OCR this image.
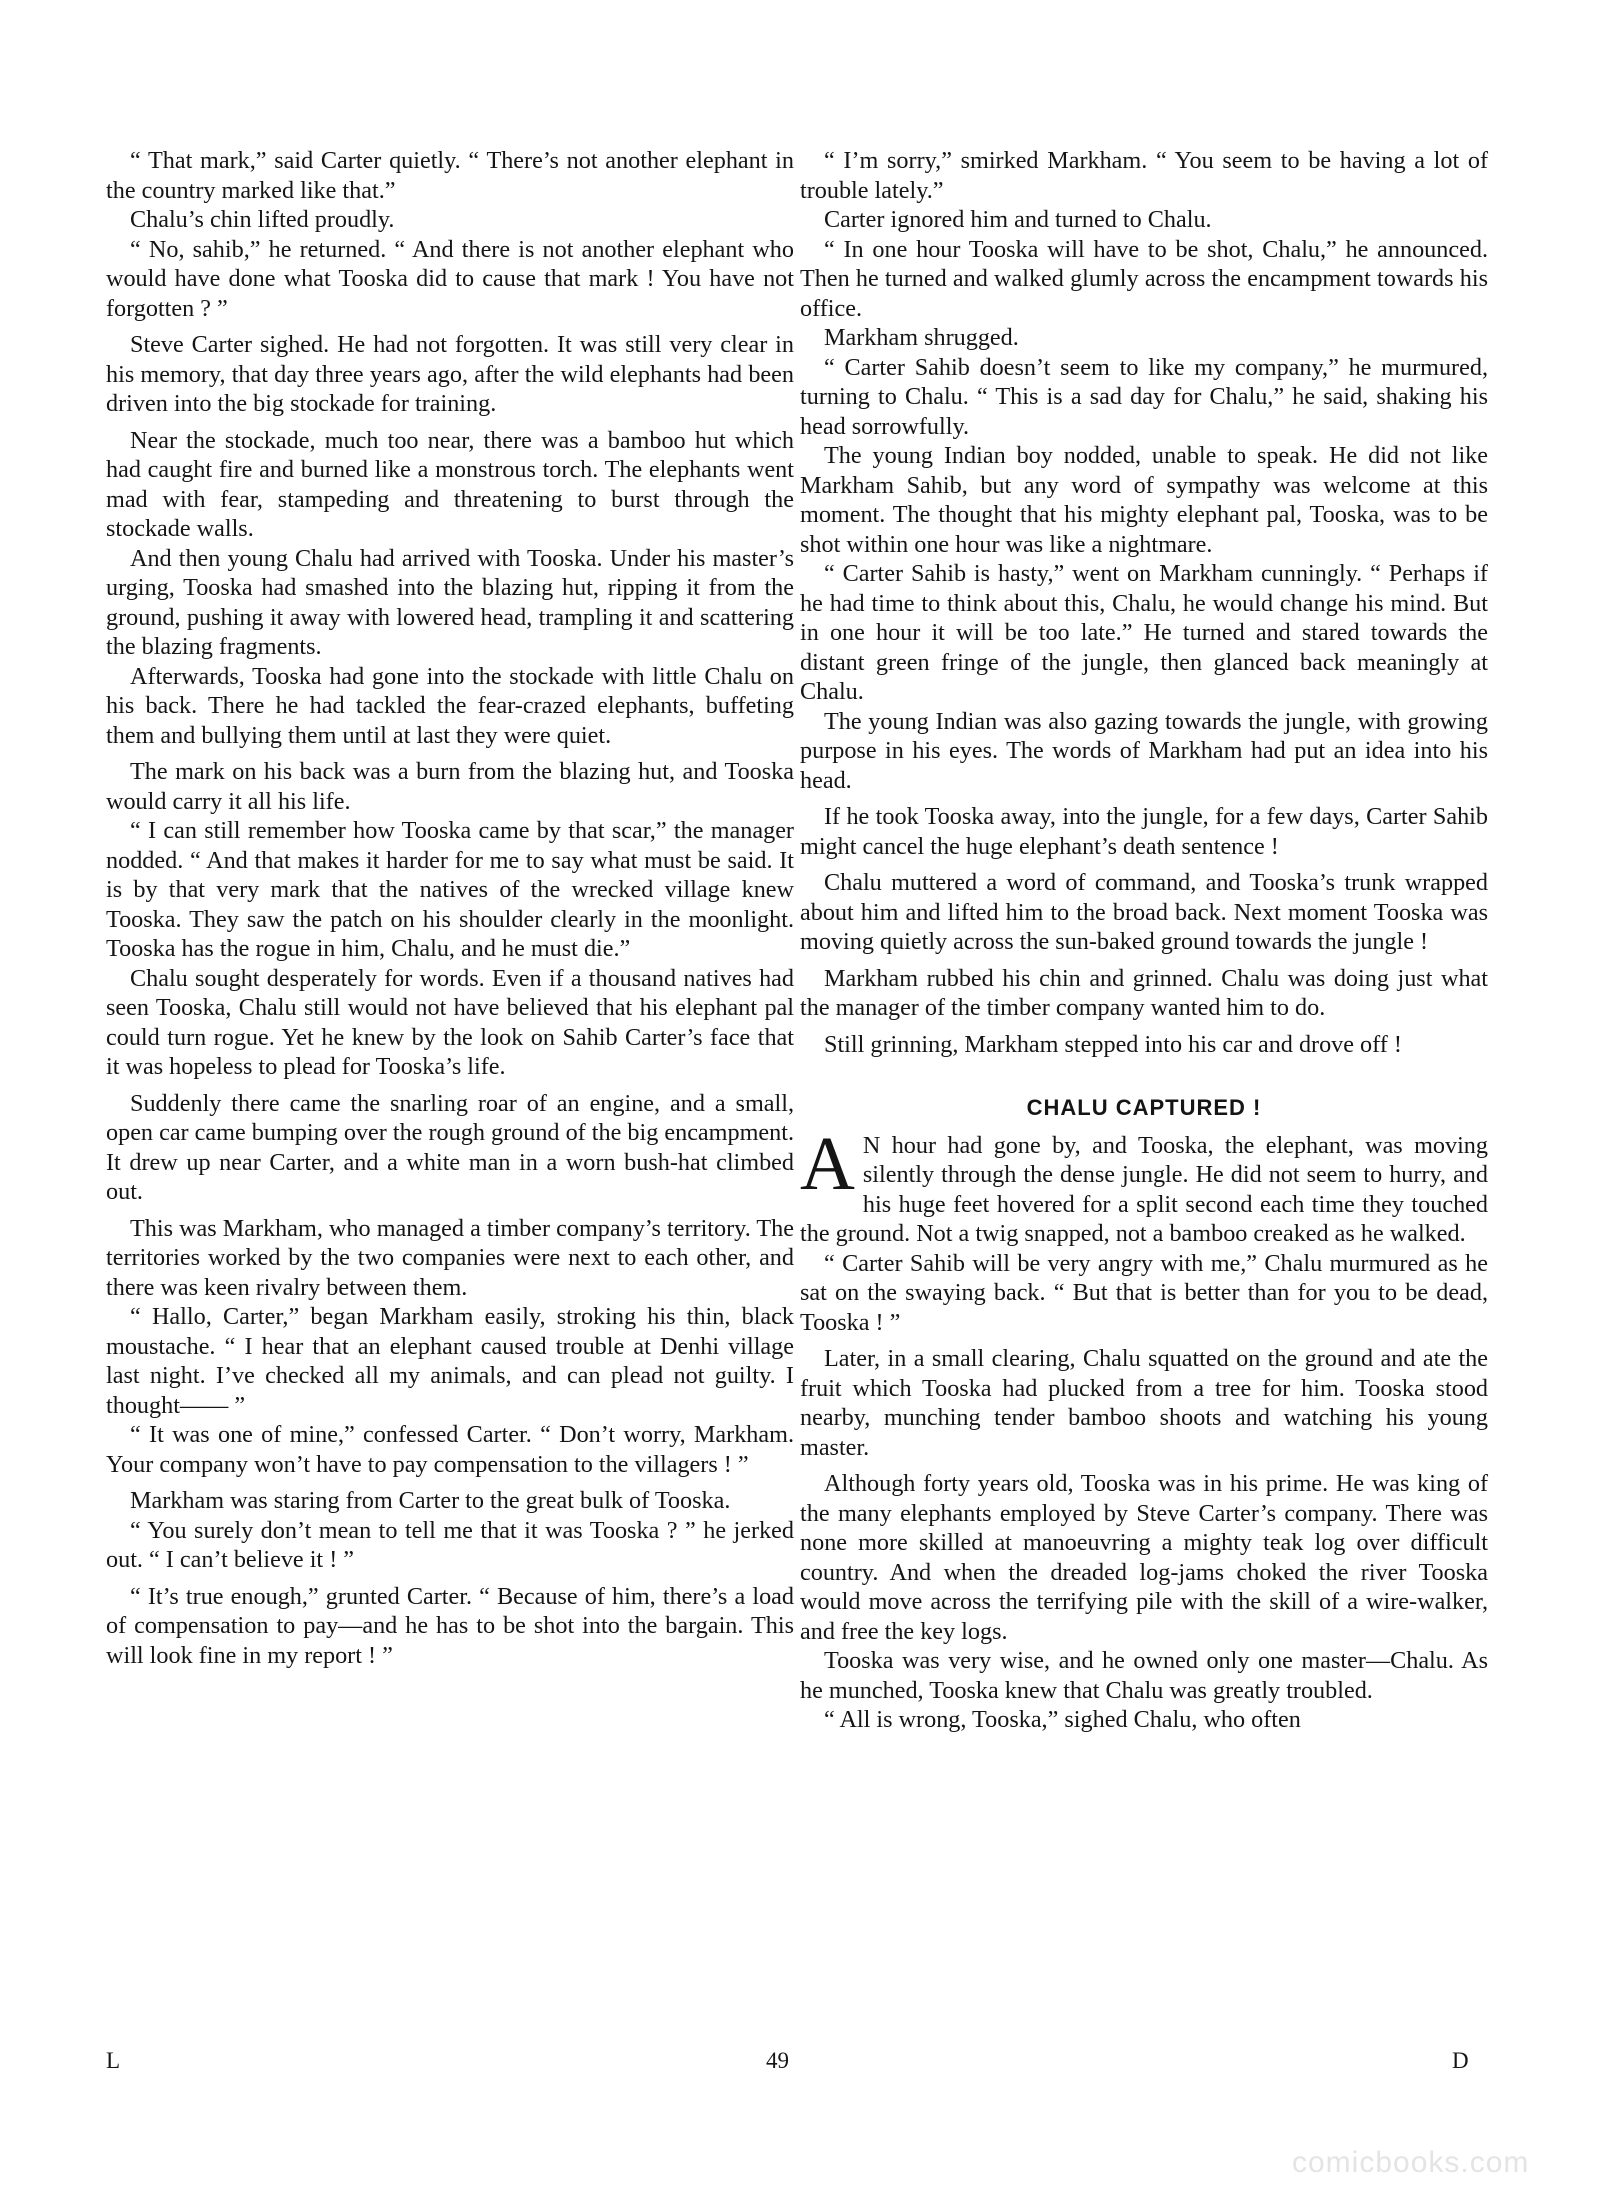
“ That mark,” said Carter quietly. “ There’s not another elephant in the country marked like that.”

Chalu’s chin lifted proudly.

“ No, sahib,” he returned. “ And there is not another elephant who would have done what Tooska did to cause that mark ! You have not forgotten ? ”

Steve Carter sighed. He had not forgotten. It was still very clear in his memory, that day three years ago, after the wild elephants had been driven into the big stockade for training.

Near the stockade, much too near, there was a bamboo hut which had caught fire and burned like a monstrous torch. The elephants went mad with fear, stampeding and threatening to burst through the stockade walls.

And then young Chalu had arrived with Tooska. Under his master’s urging, Tooska had smashed into the blazing hut, ripping it from the ground, pushing it away with lowered head, trampling it and scattering the blazing fragments.

Afterwards, Tooska had gone into the stockade with little Chalu on his back. There he had tackled the fear-crazed elephants, buffeting them and bullying them until at last they were quiet.

The mark on his back was a burn from the blazing hut, and Tooska would carry it all his life.

“ I can still remember how Tooska came by that scar,” the manager nodded. “ And that makes it harder for me to say what must be said. It is by that very mark that the natives of the wrecked village knew Tooska. They saw the patch on his shoulder clearly in the moonlight. Tooska has the rogue in him, Chalu, and he must die.”

Chalu sought desperately for words. Even if a thousand natives had seen Tooska, Chalu still would not have believed that his elephant pal could turn rogue. Yet he knew by the look on Sahib Carter’s face that it was hopeless to plead for Tooska’s life.

Suddenly there came the snarling roar of an engine, and a small, open car came bumping over the rough ground of the big encampment. It drew up near Carter, and a white man in a worn bush-hat climbed out.

This was Markham, who managed a timber company’s territory. The territories worked by the two companies were next to each other, and there was keen rivalry between them.

“ Hallo, Carter,” began Markham easily, stroking his thin, black moustache. “ I hear that an elephant caused trouble at Denhi village last night. I’ve checked all my animals, and can plead not guilty. I thought—— ”

“ It was one of mine,” confessed Carter. “ Don’t worry, Markham. Your company won’t have to pay compensation to the villagers ! ”

Markham was staring from Carter to the great bulk of Tooska.

“ You surely don’t mean to tell me that it was Tooska ? ” he jerked out. “ I can’t believe it ! ”

“ It’s true enough,” grunted Carter. “ Because of him, there’s a load of compensation to pay—and he has to be shot into the bargain. This will look fine in my report ! ”

“ I’m sorry,” smirked Markham. “ You seem to be having a lot of trouble lately.”

Carter ignored him and turned to Chalu.

“ In one hour Tooska will have to be shot, Chalu,” he announced. Then he turned and walked glumly across the encampment towards his office.

Markham shrugged.

“ Carter Sahib doesn’t seem to like my company,” he murmured, turning to Chalu. “ This is a sad day for Chalu,” he said, shaking his head sorrowfully.

The young Indian boy nodded, unable to speak. He did not like Markham Sahib, but any word of sympathy was welcome at this moment. The thought that his mighty elephant pal, Tooska, was to be shot within one hour was like a nightmare.

“ Carter Sahib is hasty,” went on Markham cunningly. “ Perhaps if he had time to think about this, Chalu, he would change his mind. But in one hour it will be too late.” He turned and stared towards the distant green fringe of the jungle, then glanced back meaningly at Chalu.

The young Indian was also gazing towards the jungle, with growing purpose in his eyes. The words of Markham had put an idea into his head.

If he took Tooska away, into the jungle, for a few days, Carter Sahib might cancel the huge elephant’s death sentence !

Chalu muttered a word of command, and Tooska’s trunk wrapped about him and lifted him to the broad back. Next moment Tooska was moving quietly across the sun-baked ground towards the jungle !

Markham rubbed his chin and grinned. Chalu was doing just what the manager of the timber company wanted him to do.

Still grinning, Markham stepped into his car and drove off !

CHALU CAPTURED !

A N hour had gone by, and Tooska, the elephant, was moving silently through the dense jungle. He did not seem to hurry, and his huge feet hovered for a split second each time they touched the ground. Not a twig snapped, not a bamboo creaked as he walked.

“ Carter Sahib will be very angry with me,” Chalu murmured as he sat on the swaying back. “ But that is better than for you to be dead, Tooska ! ”

Later, in a small clearing, Chalu squatted on the ground and ate the fruit which Tooska had plucked from a tree for him. Tooska stood nearby, munching tender bamboo shoots and watching his young master.

Although forty years old, Tooska was in his prime. He was king of the many elephants employed by Steve Carter’s company. There was none more skilled at manoeuvring a mighty teak log over difficult country. And when the dreaded log-jams choked the river Tooska would move across the terrifying pile with the skill of a wire-walker, and free the key logs.

Tooska was very wise, and he owned only one master—Chalu. As he munched, Tooska knew that Chalu was greatly troubled.

“ All is wrong, Tooska,” sighed Chalu, who often

L	49	D
comicbooks.com
